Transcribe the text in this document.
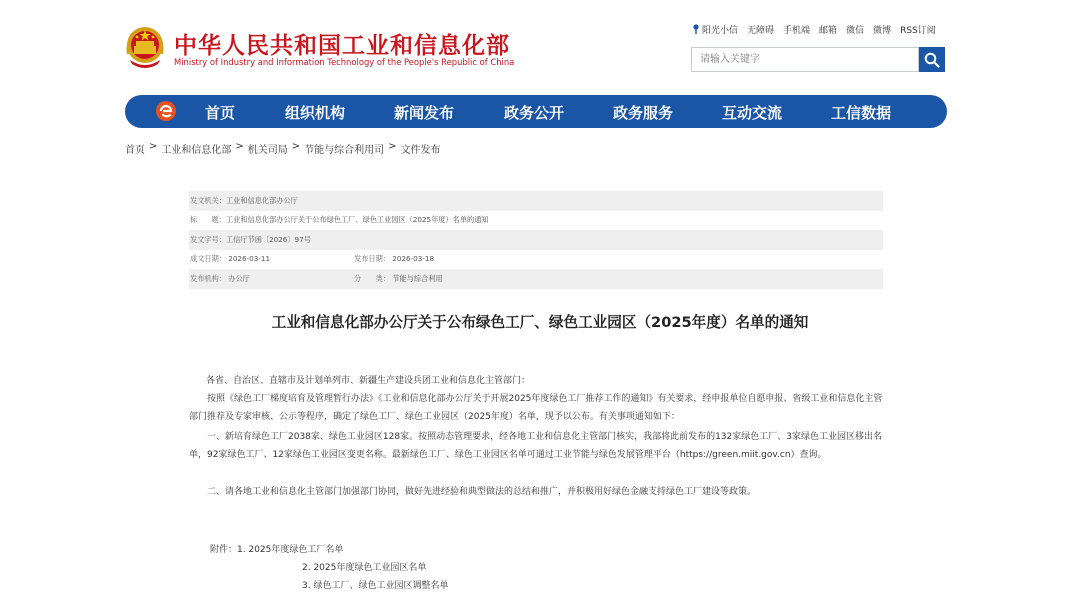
中华人民共和国工业和信息化部
Ministry of Industry and Information Technology of the People's Republic of China
阳光小信 无障碍 手机端 邮箱 微信 微博 RSS订阅
请输入关键字
首页	组织机构	新闻发布	政务公开	政务服务	互动交流	工信数据
首页 > 工业和信息化部 > 机关司局 > 节能与综合利用司 > 文件发布
发文机关： 工业和信息化部办公厅
标　　题： 工业和信息化部办公厅关于公布绿色工厂、绿色工业园区（2025年度）名单的通知
发文字号： 工信厅节函〔2026〕97号
成文日期： 2026-03-11	发布日期： 2026-03-18
发布机构： 办公厅	分　　类： 节能与综合利用
工业和信息化部办公厅关于公布绿色工厂、绿色工业园区（2025年度）名单的通知
各省、自治区、直辖市及计划单列市、新疆生产建设兵团工业和信息化主管部门：
　　按照《绿色工厂梯度培育及管理暂行办法》《工业和信息化部办公厅关于开展2025年度绿色工厂推荐工作的通知》有关要求，经申报单位自愿申报、省级工业和信息化主管部门推荐及专家审核、公示等程序，确定了绿色工厂、绿色工业园区（2025年度）名单，现予以公布。有关事项通知如下：
　　一、新培育绿色工厂2038家、绿色工业园区128家。按照动态管理要求，经各地工业和信息化主管部门核实，我部将此前发布的132家绿色工厂、3家绿色工业园区移出名单，92家绿色工厂、12家绿色工业园区变更名称。最新绿色工厂、绿色工业园区名单可通过工业节能与绿色发展管理平台（https://green.miit.gov.cn）查询。
　　二、请各地工业和信息化主管部门加强部门协同，做好先进经验和典型做法的总结和推广，并积极用好绿色金融支持绿色工厂建设等政策。
附件：1. 2025年度绿色工厂名单
2. 2025年度绿色工业园区名单
3. 绿色工厂、绿色工业园区调整名单
